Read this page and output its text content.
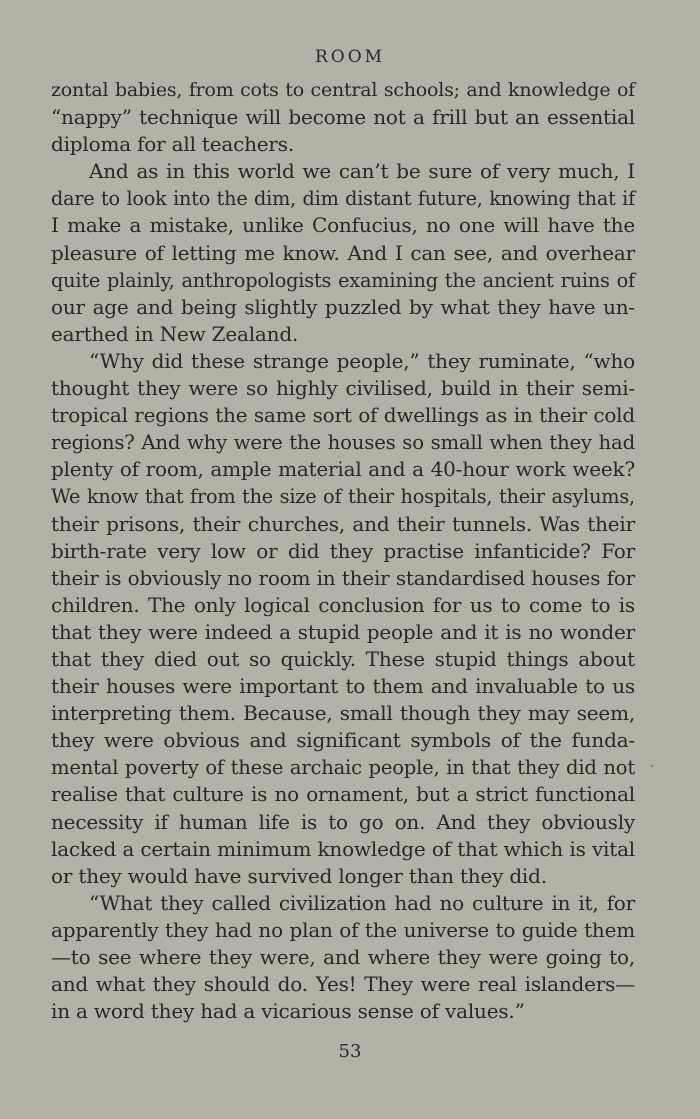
ROOM
zontal babies, from cots to central schools; and knowledge of
“nappy” technique will become not a frill but an essential
diploma for all teachers.
And as in this world we can’t be sure of very much, I
dare to look into the dim, dim distant future, knowing that if
I make a mistake, unlike Confucius, no one will have the
pleasure of letting me know. And I can see, and overhear
quite plainly, anthropologists examining the ancient ruins of
our age and being slightly puzzled by what they have un-
earthed in New Zealand.
“Why did these strange people,” they ruminate, “who
thought they were so highly civilised, build in their semi-
tropical regions the same sort of dwellings as in their cold
regions? And why were the houses so small when they had
plenty of room, ample material and a 40-hour work week?
We know that from the size of their hospitals, their asylums,
their prisons, their churches, and their tunnels. Was their
birth-rate very low or did they practise infanticide? For
their is obviously no room in their standardised houses for
children. The only logical conclusion for us to come to is
that they were indeed a stupid people and it is no wonder
that they died out so quickly. These stupid things about
their houses were important to them and invaluable to us
interpreting them. Because, small though they may seem,
they were obvious and significant symbols of the funda-
mental poverty of these archaic people, in that they did not
realise that culture is no ornament, but a strict functional
necessity if human life is to go on. And they obviously
lacked a certain minimum knowledge of that which is vital
or they would have survived longer than they did.
“What they called civilization had no culture in it, for
apparently they had no plan of the universe to guide them
—to see where they were, and where they were going to,
and what they should do. Yes! They were real islanders—
in a word they had a vicarious sense of values.”
53
